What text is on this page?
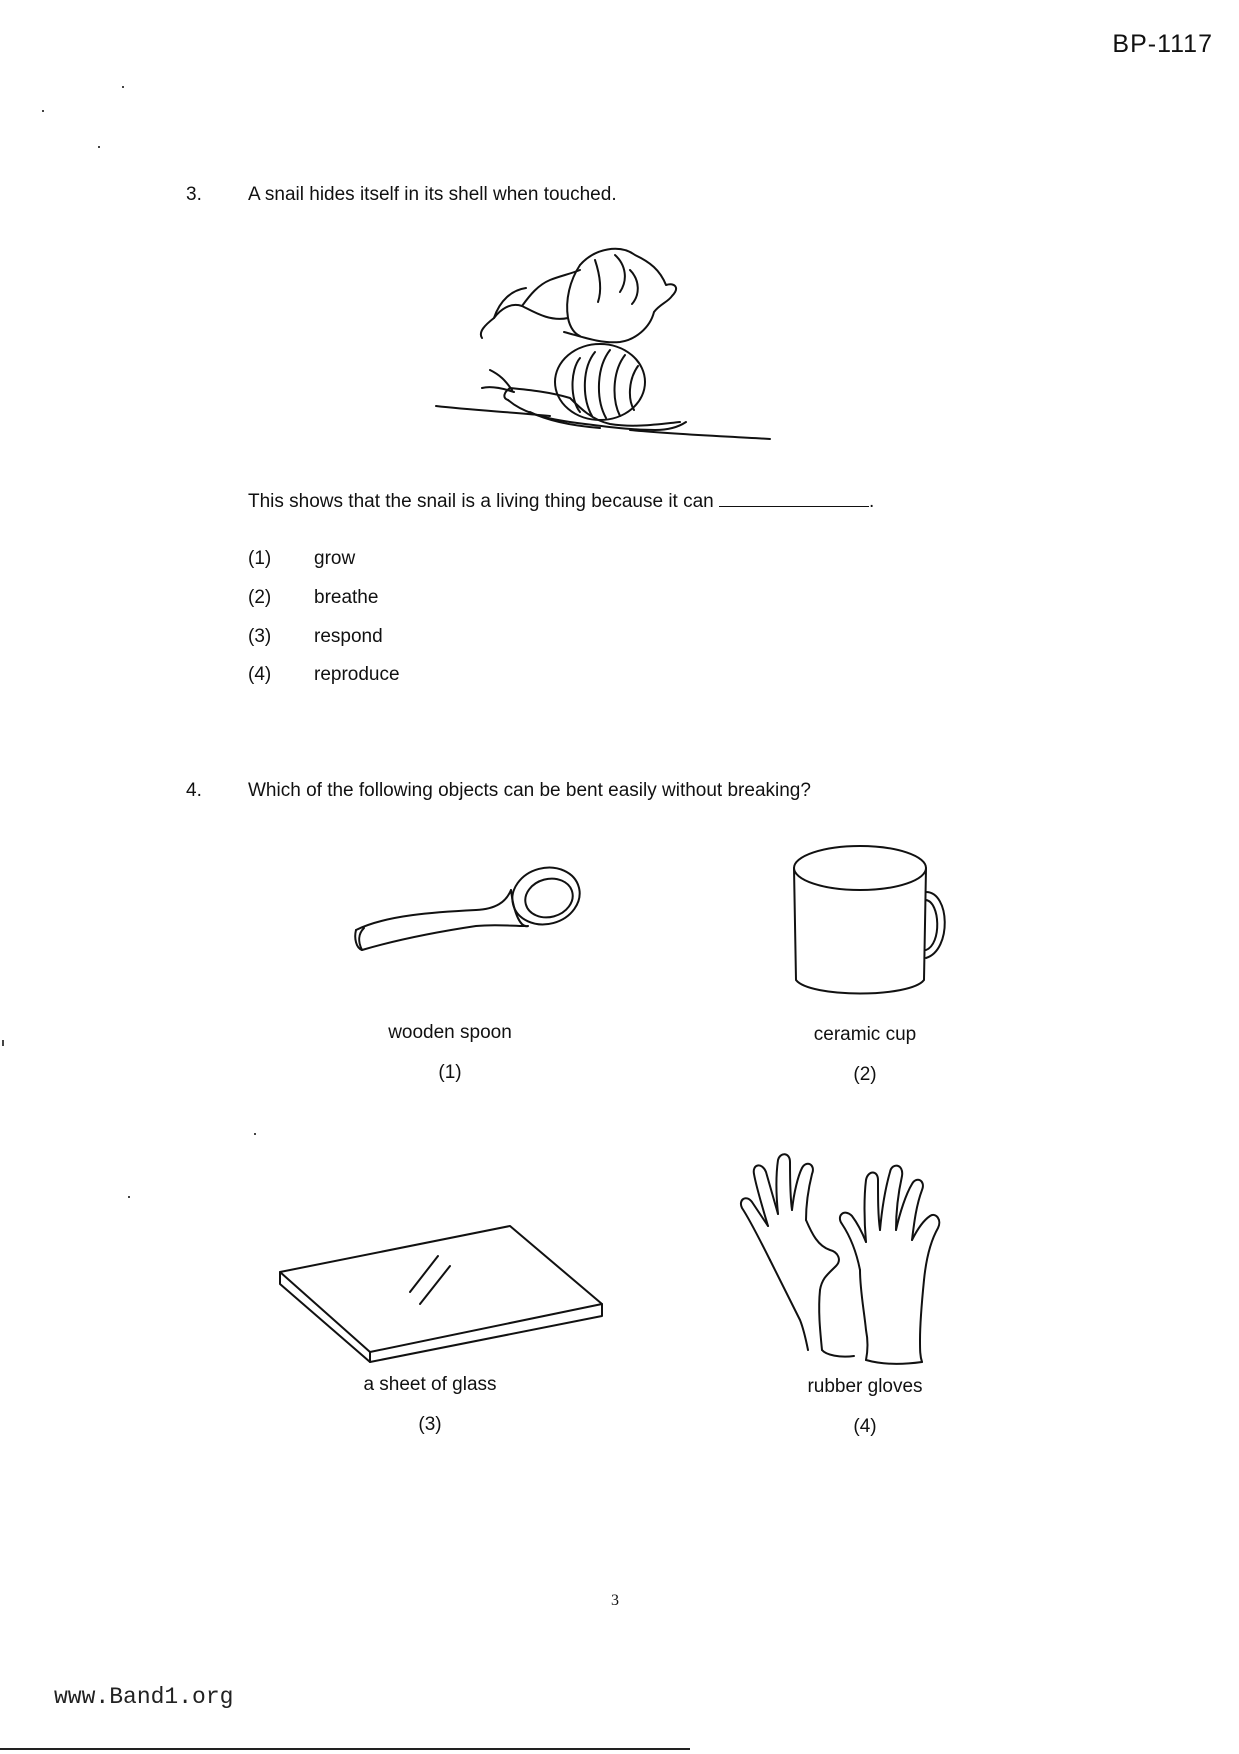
BP-1117
3. A snail hides itself in its shell when touched.
This shows that the snail is a living thing because it can	.
(1) grow
(2) breathe
(3) respond
(4) reproduce
4. Which of the following objects can be bent easily without breaking?
wooden spoon
(1)
ceramic cup
(2)
a sheet of glass
(3)
rubber gloves
(4)
3
www.Band1.org
